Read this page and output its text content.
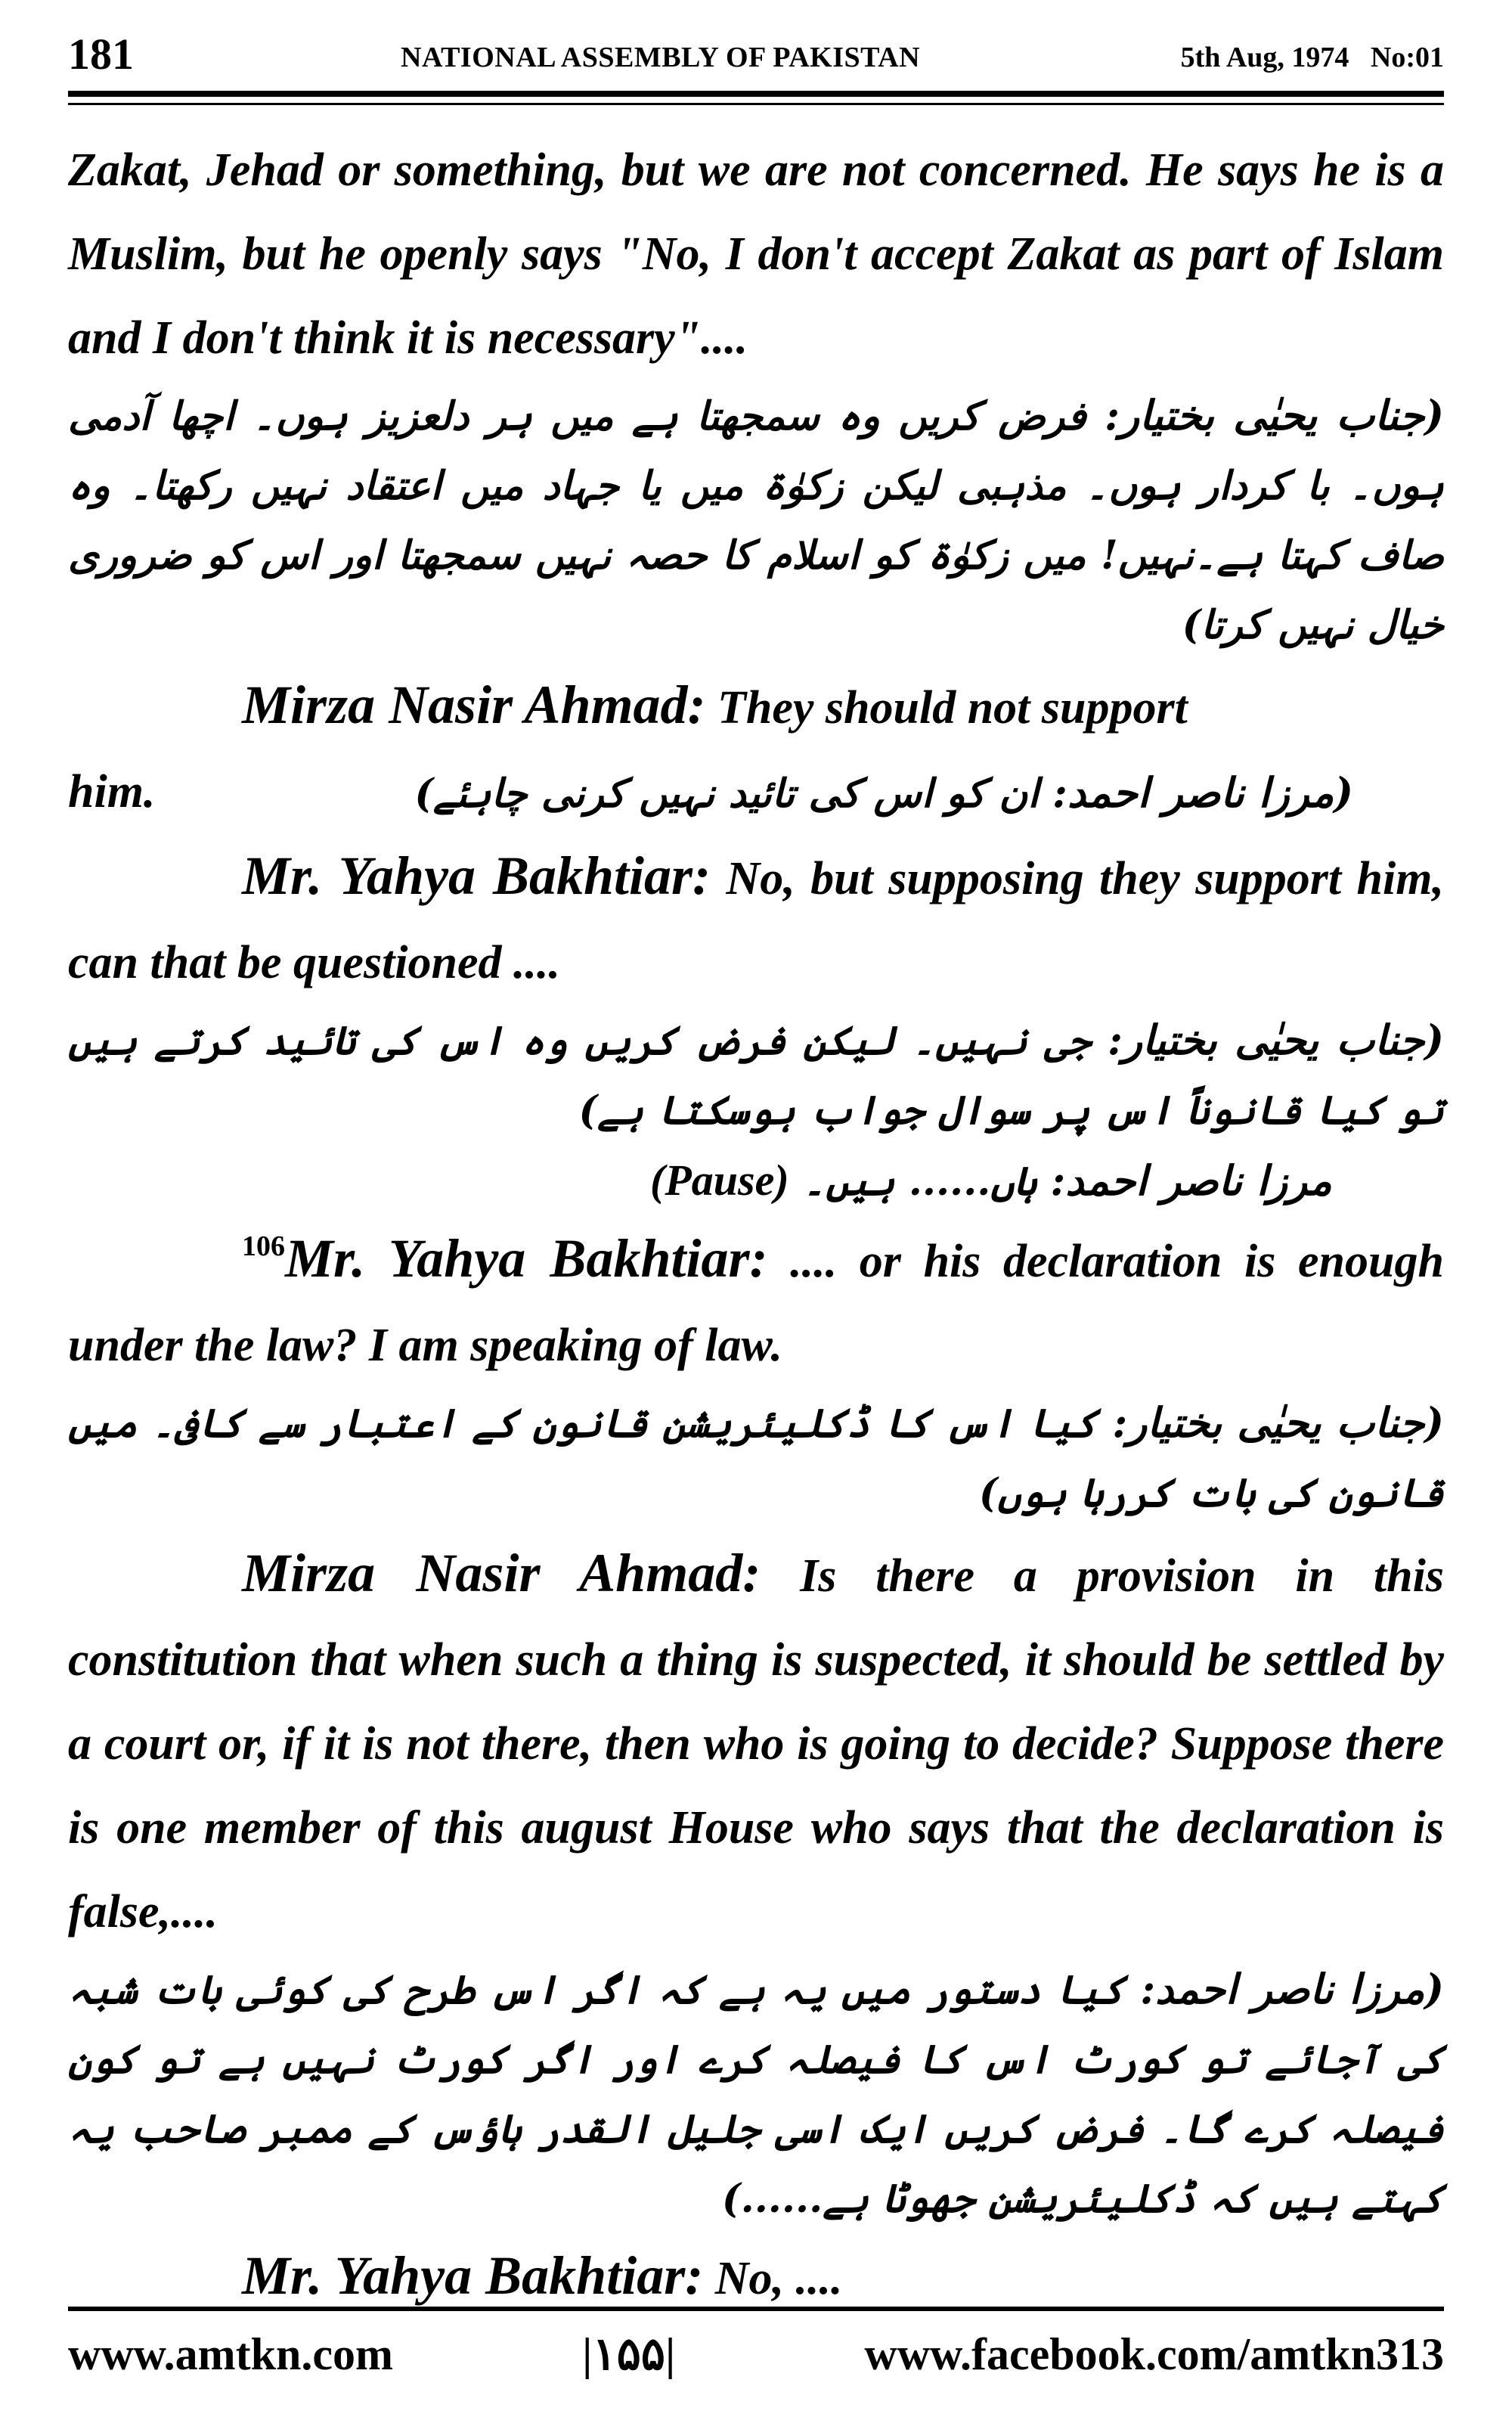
181	NATIONAL ASSEMBLY OF PAKISTAN	5th Aug, 1974   No:01

Zakat, Jehad or something, but we are not concerned. He says he is a Muslim, but he openly says "No, I don't accept Zakat as part of Islam and I don't think it is necessary"....

(جناب یحیٰی بختیار: فرض کریں وہ سمجھتا ہے میں ہر دلعزیز ہوں۔ اچھا آدمی ہوں۔ با کردار ہوں۔ مذہبی لیکن زکوٰۃ میں یا جہاد میں اعتقاد نہیں رکھتا۔ وہ صاف کہتا ہے۔نہیں! میں زکوٰۃ کو اسلام کا حصہ نہیں سمجھتا اور اس کو ضروری خیال نہیں کرتا)

Mirza Nasir Ahmad: They should not support

him.	(مرزا ناصر احمد: ان کو اس کی تائید نہیں کرنی چاہئے)

Mr. Yahya Bakhtiar: No, but supposing they support him, can that be questioned ....

(جناب یحیٰی بختیار: جی نہیں۔ لیکن فرض کریں وہ اس کی تائید کرتے ہیں تو کیا قانوناً اس پر سوال جواب ہوسکتا ہے)

مرزا ناصر احمد: ہاں...... ہیں۔ (Pause)

$^{106}$Mr. Yahya Bakhtiar: .... or his declaration is enough under the law? I am speaking of law.

(جناب یحیٰی بختیار: کیا اس کا ڈکلیئریشن قانون کے اعتبار سے کافی۔ میں قانون کی بات کررہا ہوں)

Mirza Nasir Ahmad: Is there a provision in this constitution that when such a thing is suspected, it should be settled by a court or, if it is not there, then who is going to decide? Suppose there is one member of this august House who says that the declaration is false,....

(مرزا ناصر احمد: کیا دستور میں یہ ہے کہ اگر اس طرح کی کوئی بات شبہ کی آجائے تو کورٹ اس کا فیصلہ کرے اور اگر کورٹ نہیں ہے تو کون فیصلہ کرے گا۔ فرض کریں ایک اسی جلیل القدر ہاؤس کے ممبر صاحب یہ کہتے ہیں کہ ڈکلیئریشن جھوٹا ہے......)

Mr. Yahya Bakhtiar: No, ....

www.amtkn.com	|۱۵۵|	www.facebook.com/amtkn313
